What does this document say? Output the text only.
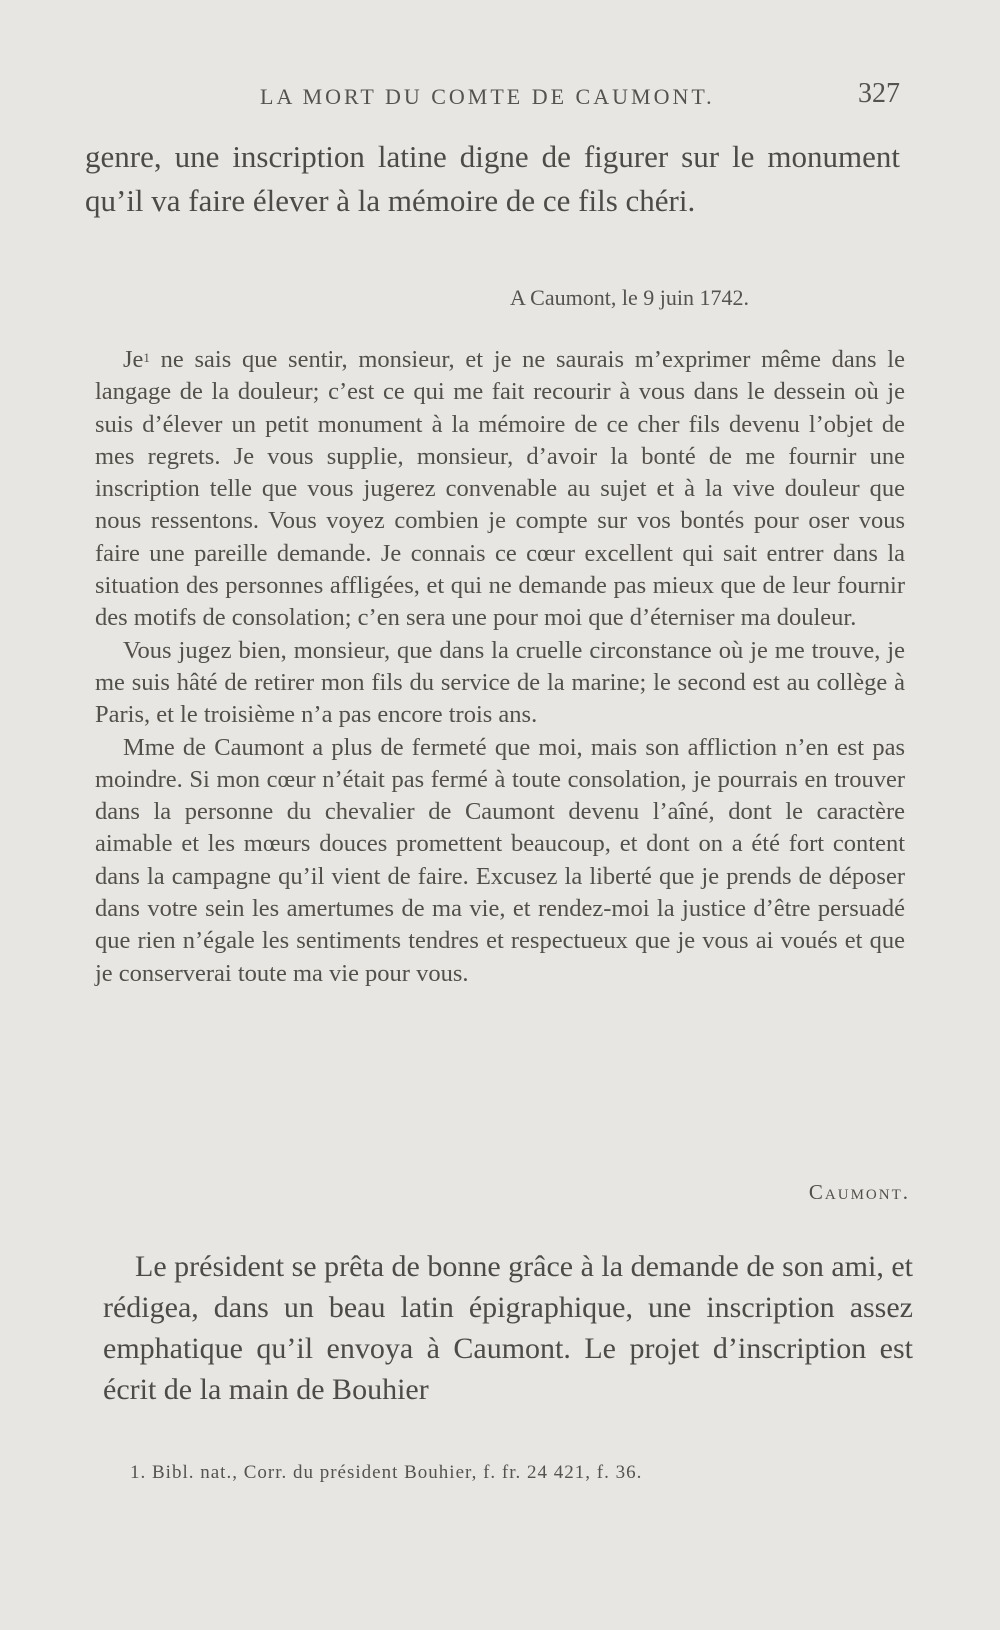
LA MORT DU COMTE DE CAUMONT.	327

genre, une inscription latine digne de figurer sur le monument qu’il va faire élever à la mémoire de ce fils chéri.

A Caumont, le 9 juin 1742.

Je$^1$ ne sais que sentir, monsieur, et je ne saurais m’exprimer même dans le langage de la douleur; c’est ce qui me fait recourir à vous dans le dessein où je suis d’élever un petit monument à la mémoire de ce cher fils devenu l’objet de mes regrets. Je vous supplie, monsieur, d’avoir la bonté de me fournir une inscription telle que vous jugerez convenable au sujet et à la vive douleur que nous ressentons. Vous voyez combien je compte sur vos bontés pour oser vous faire une pareille demande. Je connais ce cœur excellent qui sait entrer dans la situation des personnes affligées, et qui ne demande pas mieux que de leur fournir des motifs de consolation; c’en sera une pour moi que d’éterniser ma douleur.

Vous jugez bien, monsieur, que dans la cruelle circonstance où je me trouve, je me suis hâté de retirer mon fils du service de la marine; le second est au collège à Paris, et le troisième n’a pas encore trois ans.

Mme de Caumont a plus de fermeté que moi, mais son affliction n’en est pas moindre. Si mon cœur n’était pas fermé à toute consolation, je pourrais en trouver dans la personne du chevalier de Caumont devenu l’aîné, dont le caractère aimable et les mœurs douces promettent beaucoup, et dont on a été fort content dans la campagne qu’il vient de faire. Excusez la liberté que je prends de déposer dans votre sein les amertumes de ma vie, et rendez-moi la justice d’être persuadé que rien n’égale les sentiments tendres et respectueux que je vous ai voués et que je conserverai toute ma vie pour vous.

Caumont.

Le président se prêta de bonne grâce à la demande de son ami, et rédigea, dans un beau latin épigraphique, une inscription assez emphatique qu’il envoya à Caumont. Le projet d’inscription est écrit de la main de Bouhier

1. Bibl. nat., Corr. du président Bouhier, f. fr. 24 421, f. 36.
